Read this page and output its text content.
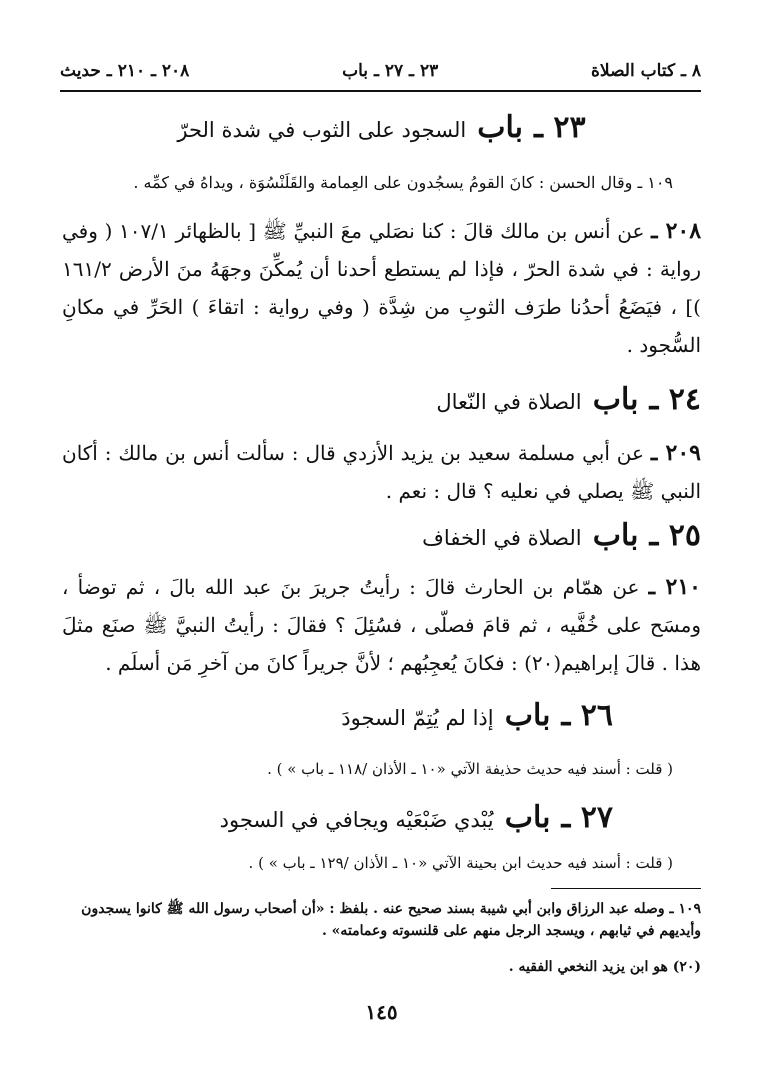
٨ ـ كتاب الصلاة
٢٣ ـ ٢٧ ـ باب
٢٠٨ ـ ٢١٠ ـ حديث
٢٣ ـ باب السجود على الثوب في شدة الحرّ
١٠٩ ـ وقال الحسن : كانَ القومُ يسجُدون على العِمامة والقَلَنْسُوَة ، ويداهُ في كمِّه .
٢٠٨ ـ عن أنس بن مالك قالَ : كنا نصَلي معَ النبيِّ ﷺ [ بالظهائر ١٠٧/١ ( وفي رواية : في شدة الحرّ ، فإذا لم يستطع أحدنا أن يُمكِّنَ وجهَهُ منَ الأرض ١٦١/٢ )] ، فيَضَعُ أحدُنا طرَف الثوبِ من شِدَّة ( وفي رواية : اتقاءَ ) الحَرِّ في مكانِ السُّجود .
٢٤ ـ باب الصلاة في النّعال
٢٠٩ ـ عن أبي مسلمة سعيد بن يزيد الأزدي قال : سألت أنس بن مالك : أكان النبي ﷺ يصلي في نعليه ؟ قال : نعم .
٢٥ ـ باب الصلاة في الخفاف
٢١٠ ـ عن همّام بن الحارث قالَ : رأيتُ جريرَ بنَ عبد الله بالَ ، ثم توضأ ، ومسَح على خُفَّيه ، ثم قامَ فصلّى ، فسُئِلَ ؟ فقالَ : رأيتُ النبيَّ ﷺ صنَع مثلَ هذا . قالَ إبراهيم(٢٠) : فكانَ يُعجِبُهم ؛ لأنَّ جريراً كانَ من آخرِ مَن أسلَم .
٢٦ ـ باب إذا لم يُتِمّ السجودَ
( قلت : أسند فيه حديث حذيفة الآتي «١٠ ـ الأذان /١١٨ ـ باب » ) .
٢٧ ـ باب يُبْدي ضَبْعَيْه ويجافي في السجود
( قلت : أسند فيه حديث ابن بحينة الآتي «١٠ ـ الأذان /١٢٩ ـ باب » ) .
١٠٩ ـ وصله عبد الرزاق وابن أبي شيبة بسند صحيح عنه . بلفظ : «أن أصحاب رسول الله ﷺ كانوا يسجدون وأيديهم في ثيابهم ، ويسجد الرجل منهم على قلنسوته وعمامته» .
(٢٠) هو ابن يزيد النخعي الفقيه .
١٤٥
